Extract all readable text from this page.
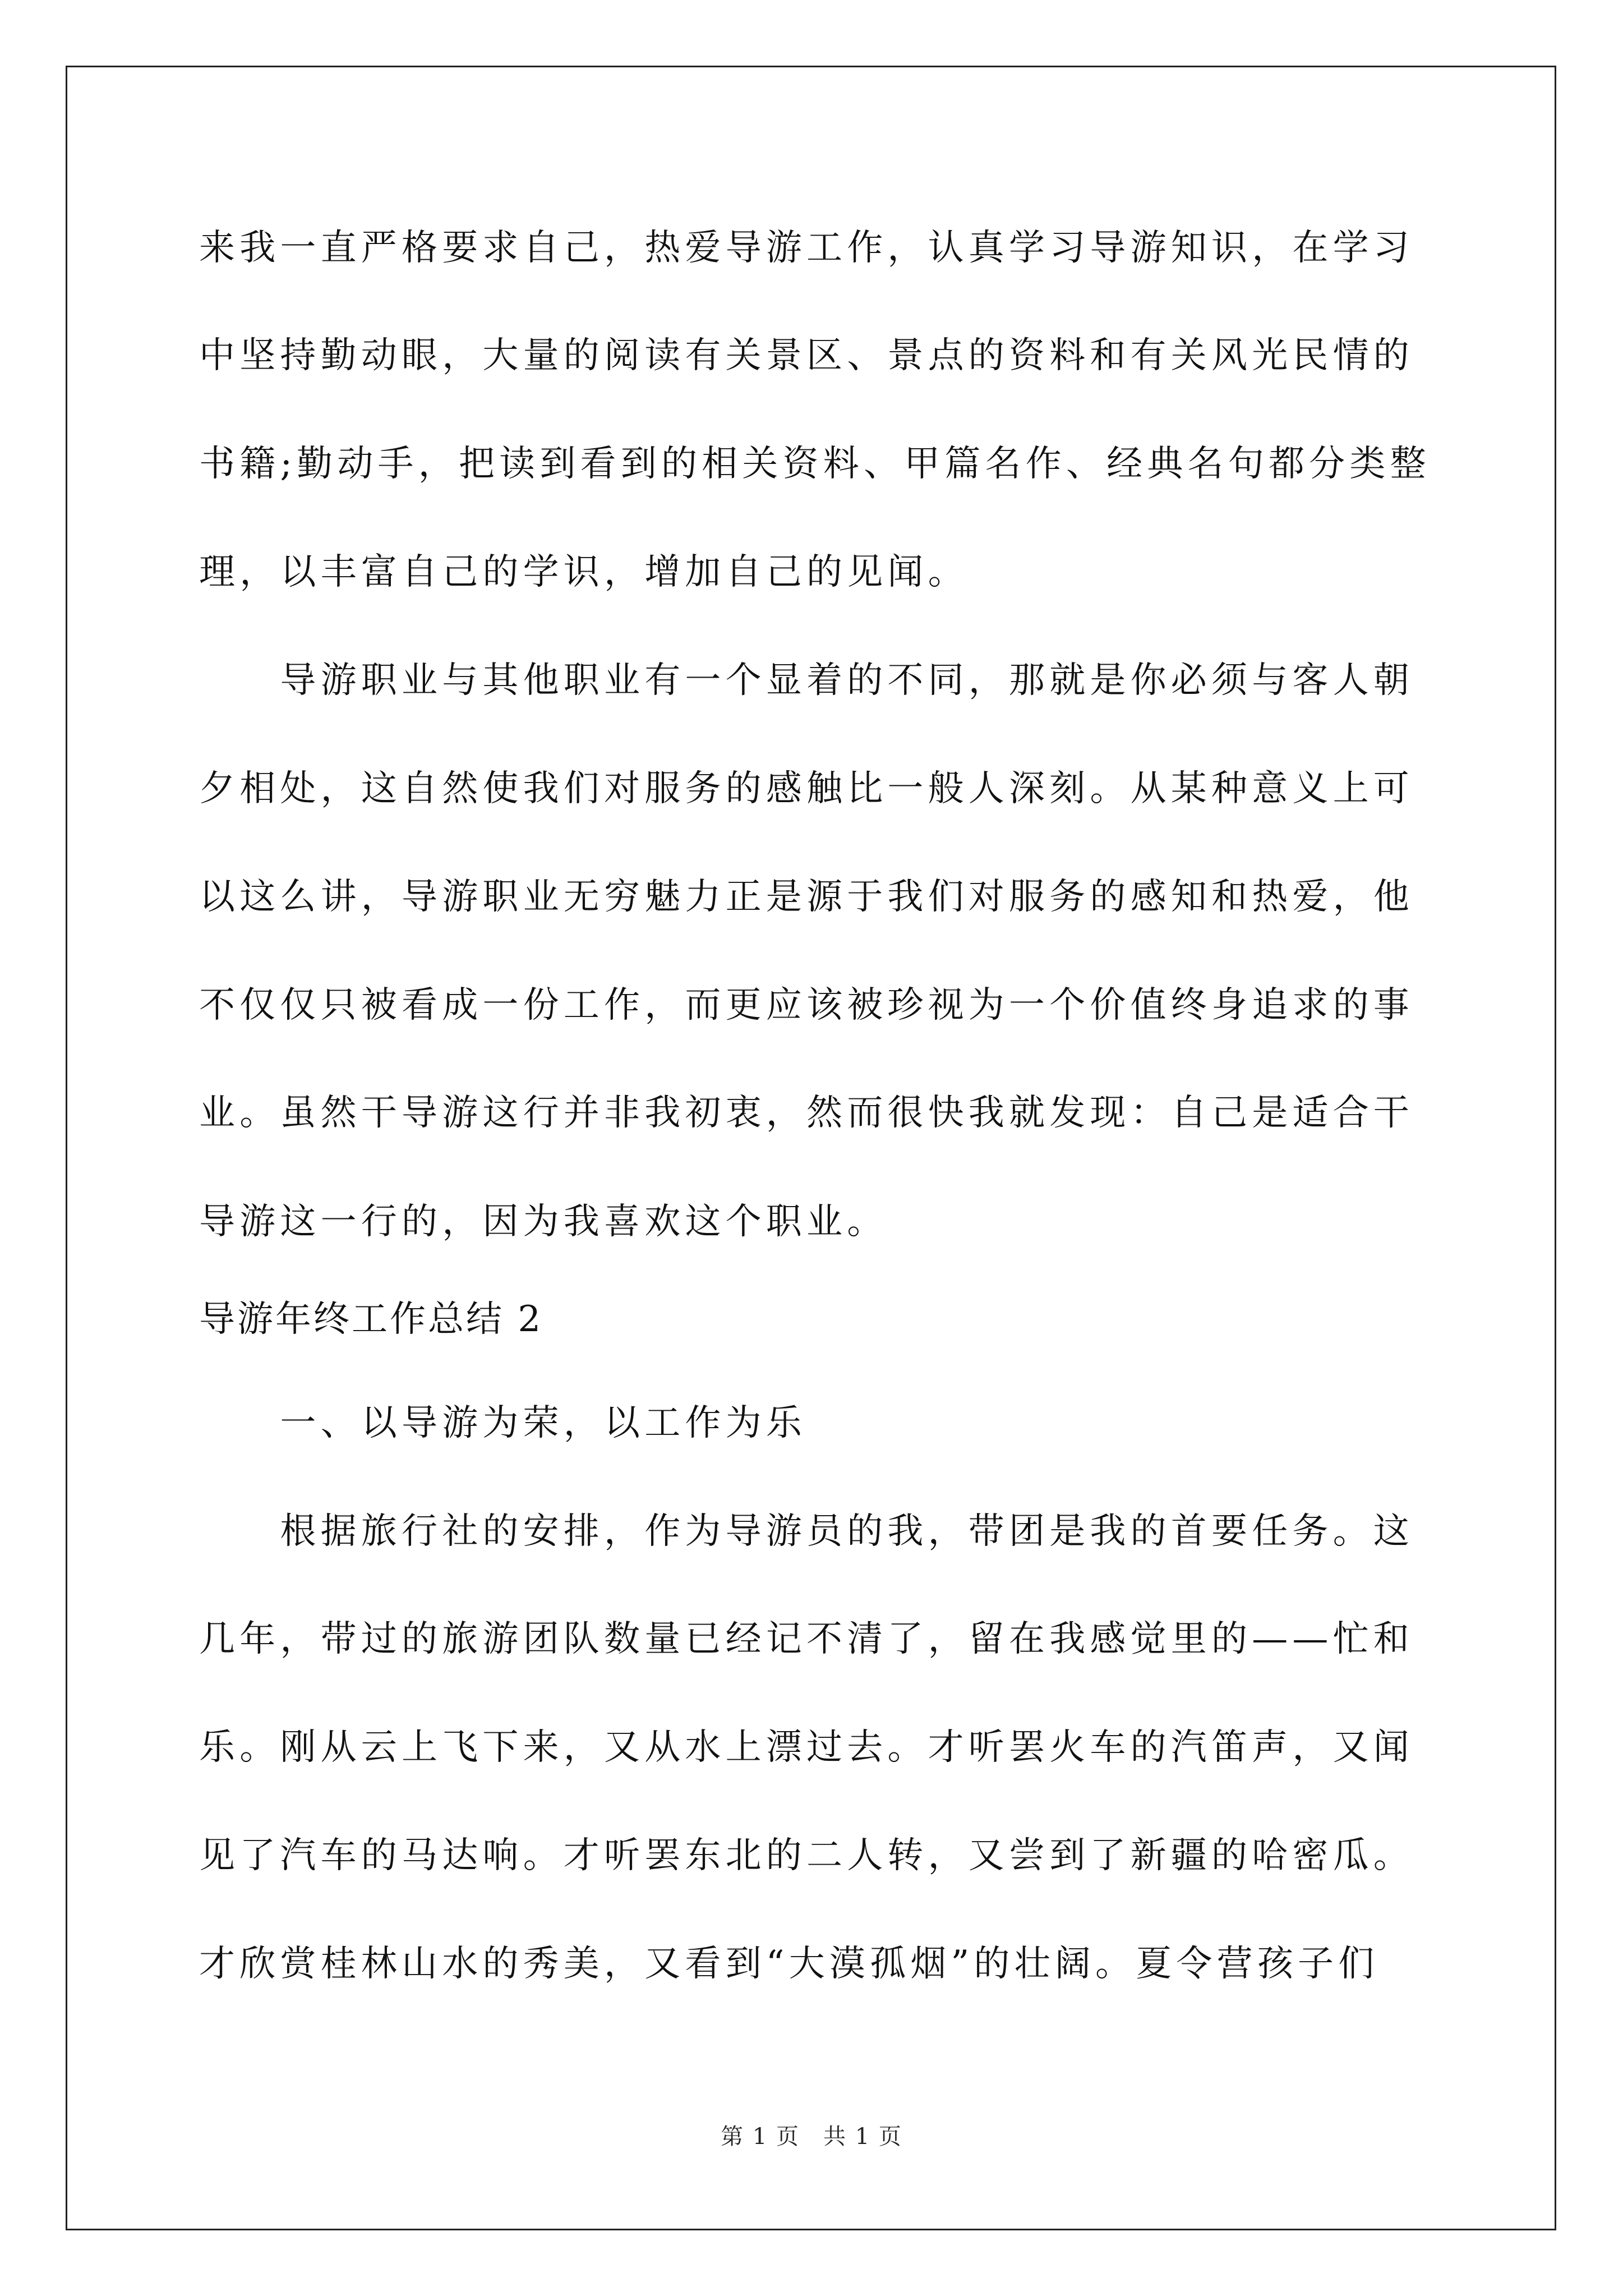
来我一直严格要求自己，热爱导游工作，认真学习导游知识，在学习
中坚持勤动眼，大量的阅读有关景区、景点的资料和有关风光民情的
书籍;勤动手，把读到看到的相关资料、甲篇名作、经典名句都分类整
理，以丰富自己的学识，增加自己的见闻。
　　导游职业与其他职业有一个显着的不同，那就是你必须与客人朝
夕相处，这自然使我们对服务的感触比一般人深刻。从某种意义上可
以这么讲，导游职业无穷魅力正是源于我们对服务的感知和热爱，他
不仅仅只被看成一份工作，而更应该被珍视为一个价值终身追求的事
业。虽然干导游这行并非我初衷，然而很快我就发现：自己是适合干
导游这一行的，因为我喜欢这个职业。
导游年终工作总结 2
　　一、以导游为荣，以工作为乐
　　根据旅行社的安排，作为导游员的我，带团是我的首要任务。这
几年，带过的旅游团队数量已经记不清了，留在我感觉里的——忙和
乐。刚从云上飞下来，又从水上漂过去。才听罢火车的汽笛声，又闻
见了汽车的马达响。才听罢东北的二人转，又尝到了新疆的哈密瓜。
才欣赏桂林山水的秀美，又看到“大漠孤烟”的壮阔。夏令营孩子们
第 1 页　共 1 页
